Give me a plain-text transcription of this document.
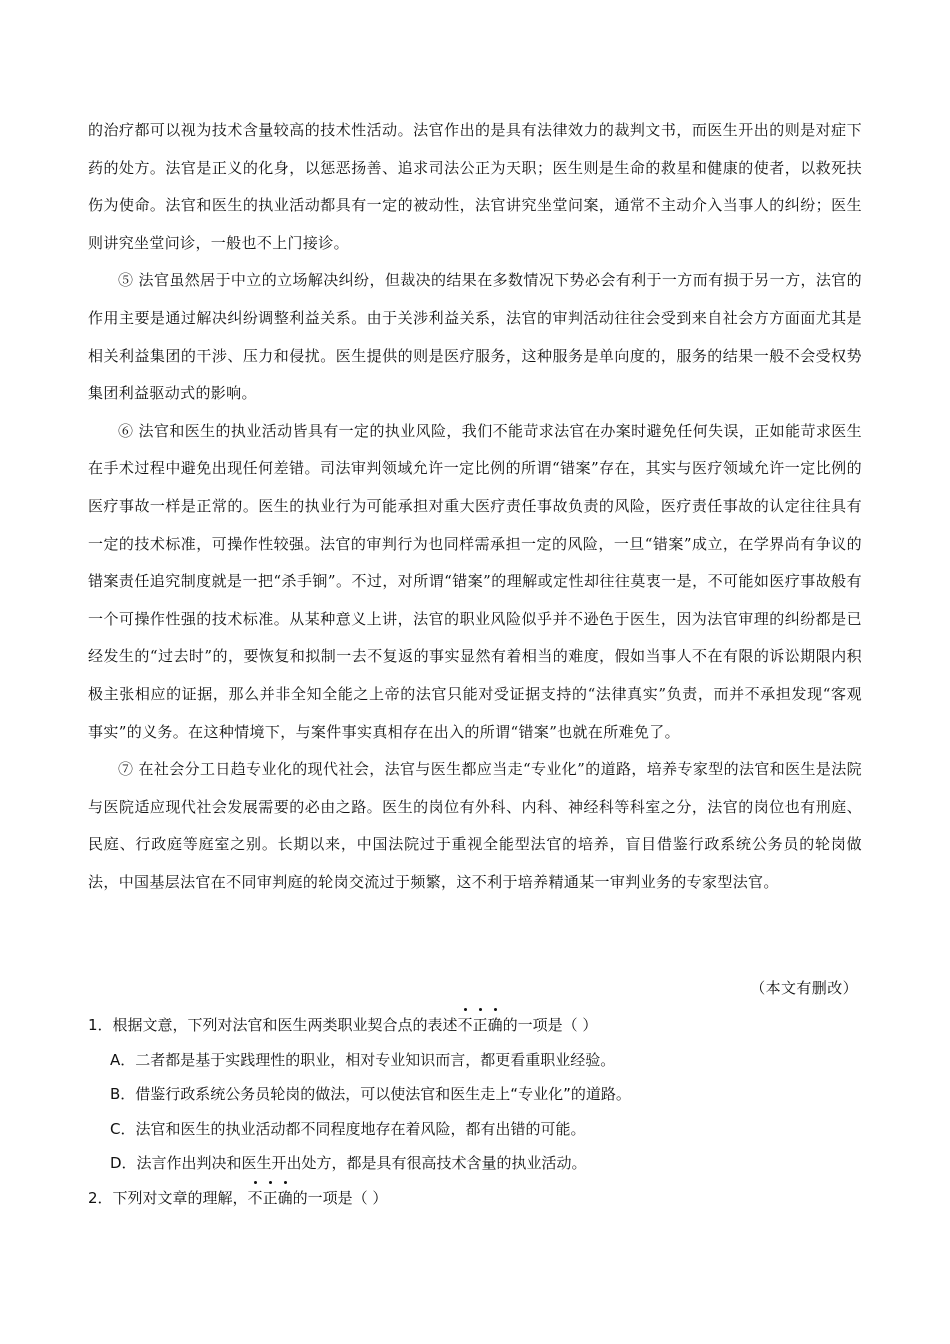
的治疗都可以视为技术含量较高的技术性活动。法官作出的是具有法律效力的裁判文书，而医生开出的则是对症下药的处方。法官是正义的化身，以惩恶扬善、追求司法公正为天职；医生则是生命的救星和健康的使者，以救死扶伤为使命。法官和医生的执业活动都具有一定的被动性，法官讲究坐堂问案，通常不主动介入当事人的纠纷；医生则讲究坐堂问诊，一般也不上门接诊。

⑤ 法官虽然居于中立的立场解决纠纷，但裁决的结果在多数情况下势必会有利于一方而有损于另一方，法官的作用主要是通过解决纠纷调整利益关系。由于关涉利益关系，法官的审判活动往往会受到来自社会方方面面尤其是相关利益集团的干涉、压力和侵扰。医生提供的则是医疗服务，这种服务是单向度的，服务的结果一般不会受权势集团利益驱动式的影响。

⑥ 法官和医生的执业活动皆具有一定的执业风险，我们不能苛求法官在办案时避免任何失误，正如能苛求医生在手术过程中避免出现任何差错。司法审判领域允许一定比例的所谓“错案”存在，其实与医疗领域允许一定比例的医疗事故一样是正常的。医生的执业行为可能承担对重大医疗责任事故负责的风险，医疗责任事故的认定往往具有一定的技术标准，可操作性较强。法官的审判行为也同样需承担一定的风险，一旦“错案”成立，在学界尚有争议的错案责任追究制度就是一把“杀手锏”。不过，对所谓“错案”的理解或定性却往往莫衷一是，不可能如医疗事故般有一个可操作性强的技术标准。从某种意义上讲，法官的职业风险似乎并不逊色于医生，因为法官审理的纠纷都是已经发生的“过去时”的，要恢复和拟制一去不复返的事实显然有着相当的难度，假如当事人不在有限的诉讼期限内积极主张相应的证据，那么并非全知全能之上帝的法官只能对受证据支持的“法律真实”负责，而并不承担发现“客观事实”的义务。在这种情境下，与案件事实真相存在出入的所谓“错案”也就在所难免了。

⑦ 在社会分工日趋专业化的现代社会，法官与医生都应当走“专业化”的道路，培养专家型的法官和医生是法院与医院适应现代社会发展需要的必由之路。医生的岗位有外科、内科、神经科等科室之分，法官的岗位也有刑庭、民庭、行政庭等庭室之别。长期以来，中国法院过于重视全能型法官的培养，盲目借鉴行政系统公务员的轮岗做法，中国基层法官在不同审判庭的轮岗交流过于频繁，这不利于培养精通某一审判业务的专家型法官。

（本文有删改）
1．根据文意，下列对法官和医生两类职业契合点的表述不正确的一项是（ ）
A．二者都是基于实践理性的职业，相对专业知识而言，都更看重职业经验。
B．借鉴行政系统公务员轮岗的做法，可以使法官和医生走上“专业化”的道路。
C．法官和医生的执业活动都不同程度地存在着风险，都有出错的可能。
D．法言作出判决和医生开出处方，都是具有很高技术含量的执业活动。
2．下列对文章的理解，不正确的一项是（ ）
